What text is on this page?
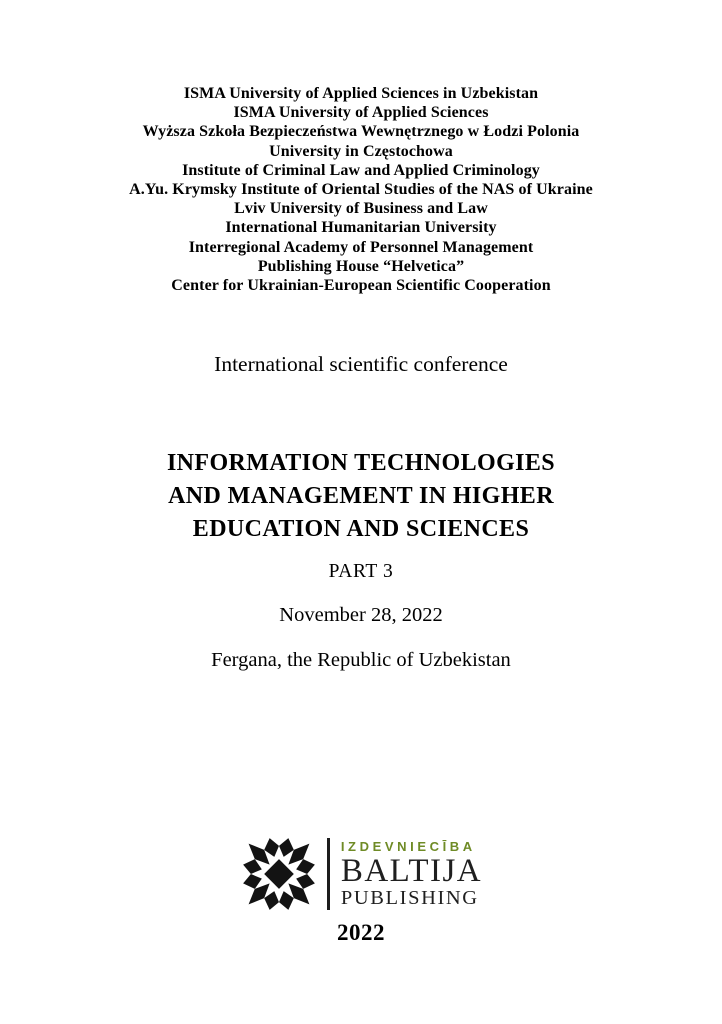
ISMA University of Applied Sciences in Uzbekistan
ISMA University of Applied Sciences
Wyższa Szkoła Bezpieczeństwa Wewnętrznego w Łodzi Polonia
University in Częstochowa
Institute of Criminal Law and Applied Criminology
A.Yu. Krymsky Institute of Oriental Studies of the NAS of Ukraine
Lviv University of Business and Law
International Humanitarian University
Interregional Academy of Personnel Management
Publishing House “Helvetica”
Center for Ukrainian-European Scientific Cooperation
International scientific conference
INFORMATION TECHNOLOGIES
AND MANAGEMENT IN HIGHER
EDUCATION AND SCIENCES
PART 3
November 28, 2022
Fergana, the Republic of Uzbekistan
IZDEVNIECĪBA
BALTIJA
PUBLISHING
2022
